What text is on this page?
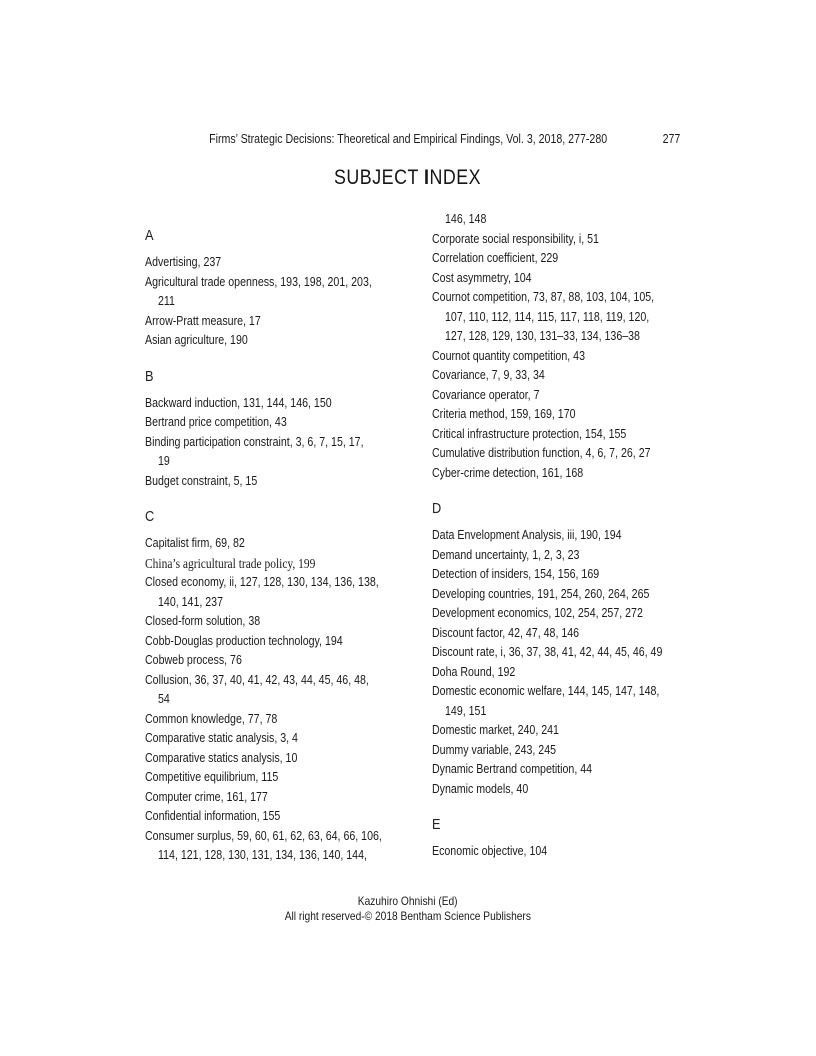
Firms’ Strategic Decisions: Theoretical and Empirical Findings, Vol. 3, 2018, 277-280	277
SUBJECT INDEX
A
Advertising, 237
Agricultural trade openness, 193, 198, 201, 203,
211
Arrow-Pratt measure, 17
Asian agriculture, 190
B
Backward induction, 131, 144, 146, 150
Bertrand price competition, 43
Binding participation constraint, 3, 6, 7, 15, 17,
19
Budget constraint, 5, 15
C
Capitalist firm, 69, 82
China’s agricultural trade policy, 199
Closed economy, ii, 127, 128, 130, 134, 136, 138,
140, 141, 237
Closed-form solution, 38
Cobb-Douglas production technology, 194
Cobweb process, 76
Collusion, 36, 37, 40, 41, 42, 43, 44, 45, 46, 48,
54
Common knowledge, 77, 78
Comparative static analysis, 3, 4
Comparative statics analysis, 10
Competitive equilibrium, 115
Computer crime, 161, 177
Confidential information, 155
Consumer surplus, 59, 60, 61, 62, 63, 64, 66, 106,
114, 121, 128, 130, 131, 134, 136, 140, 144,
146, 148
Corporate social responsibility, i, 51
Correlation coefficient, 229
Cost asymmetry, 104
Cournot competition, 73, 87, 88, 103, 104, 105,
107, 110, 112, 114, 115, 117, 118, 119, 120,
127, 128, 129, 130, 131–33, 134, 136–38
Cournot quantity competition, 43
Covariance, 7, 9, 33, 34
Covariance operator, 7
Criteria method, 159, 169, 170
Critical infrastructure protection, 154, 155
Cumulative distribution function, 4, 6, 7, 26, 27
Cyber-crime detection, 161, 168
D
Data Envelopment Analysis, iii, 190, 194
Demand uncertainty, 1, 2, 3, 23
Detection of insiders, 154, 156, 169
Developing countries, 191, 254, 260, 264, 265
Development economics, 102, 254, 257, 272
Discount factor, 42, 47, 48, 146
Discount rate, i, 36, 37, 38, 41, 42, 44, 45, 46, 49
Doha Round, 192
Domestic economic welfare, 144, 145, 147, 148,
149, 151
Domestic market, 240, 241
Dummy variable, 243, 245
Dynamic Bertrand competition, 44
Dynamic models, 40
E
Economic objective, 104
Kazuhiro Ohnishi (Ed)
All right reserved-© 2018 Bentham Science Publishers
